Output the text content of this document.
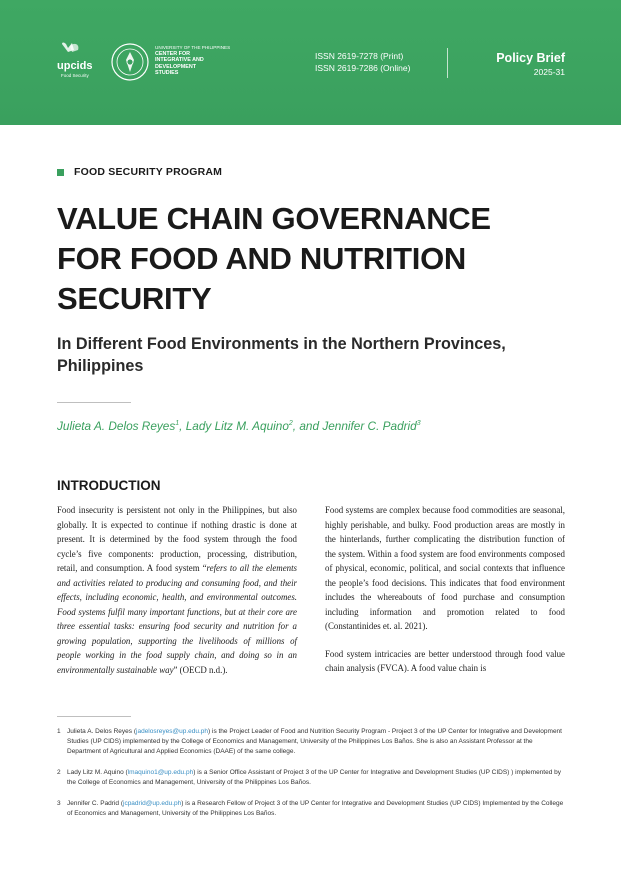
upcids
Food Security
UNIVERSITY OF THE PHILIPPINES
CENTER FOR
INTEGRATIVE AND
DEVELOPMENT
STUDIES
ISSN 2619-7278 (Print)
ISSN 2619-7286 (Online)
Policy Brief
2025-31
FOOD SECURITY PROGRAM
VALUE CHAIN GOVERNANCE
FOR FOOD AND NUTRITION
SECURITY
In Different Food Environments in the Northern Provinces,
Philippines
Julieta A. Delos Reyes$^1$, Lady Litz M. Aquino$^2$, and Jennifer C. Padrid$^3$
INTRODUCTION

Food insecurity is persistent not only in the Philippines, but also globally. It is expected to continue if nothing drastic is done at present. It is determined by the food system through the food cycle’s five components: production, processing, distribution, retail, and consumption. A food system “refers to all the elements and activities related to producing and consuming food, and their effects, including economic, health, and environmental outcomes. Food systems fulfil many important functions, but at their core are three essential tasks: ensuring food security and nutrition for a growing population, supporting the livelihoods of millions of people working in the food supply chain, and doing so in an environmentally sustainable way” (OECD n.d.).

Food systems are complex because food commodities are seasonal, highly perishable, and bulky. Food production areas are mostly in the hinterlands, further complicating the distribution function of the system. Within a food system are food environments composed of physical, economic, political, and social contexts that influence the people’s food decisions. This indicates that food environment includes the whereabouts of food purchase and consumption including information and promotion related to food (Constantinides et. al. 2021).

Food system intricacies are better understood through food value chain analysis (FVCA). A food value chain is

1 Julieta A. Delos Reyes (jadelosreyes@up.edu.ph) is the Project Leader of Food and Nutrition Security Program - Project 3 of the UP Center for Integrative and Development Studies (UP CIDS) implemented by the College of Economics and Management, University of the Philippines Los Baños. She is also an Assistant Professor at the Department of Agricultural and Applied Economics (DAAE) of the same college.
2 Lady Litz M. Aquino (lmaquino1@up.edu.ph) is a Senior Office Assistant of Project 3 of the UP Center for Integrative and Development Studies (UP CIDS) ) implemented by the College of Economics and Management, University of the Philippines Los Baños.
3 Jennifer C. Padrid (jcpadrid@up.edu.ph) is a Research Fellow of Project 3 of the UP Center for Integrative and Development Studies (UP CIDS) Implemented by the College of Economics and Management, University of the Philippines Los Baños.
